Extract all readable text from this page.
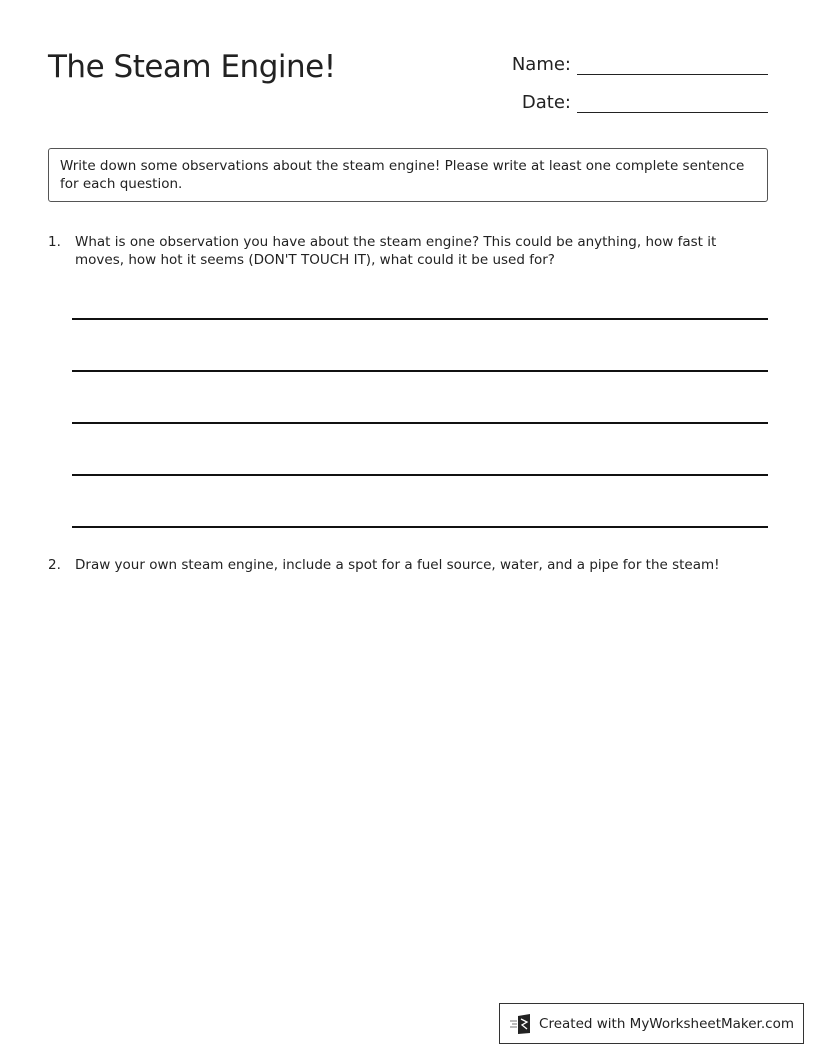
The Steam Engine!	Name:
Date:
Write down some observations about the steam engine! Please write at least one complete sentence for each question.
1.	What is one observation you have about the steam engine? This could be anything, how fast it moves, how hot it seems (DON'T TOUCH IT), what could it be used for?
2.	Draw your own steam engine, include a spot for a fuel source, water, and a pipe for the steam!
Created with MyWorksheetMaker.com
